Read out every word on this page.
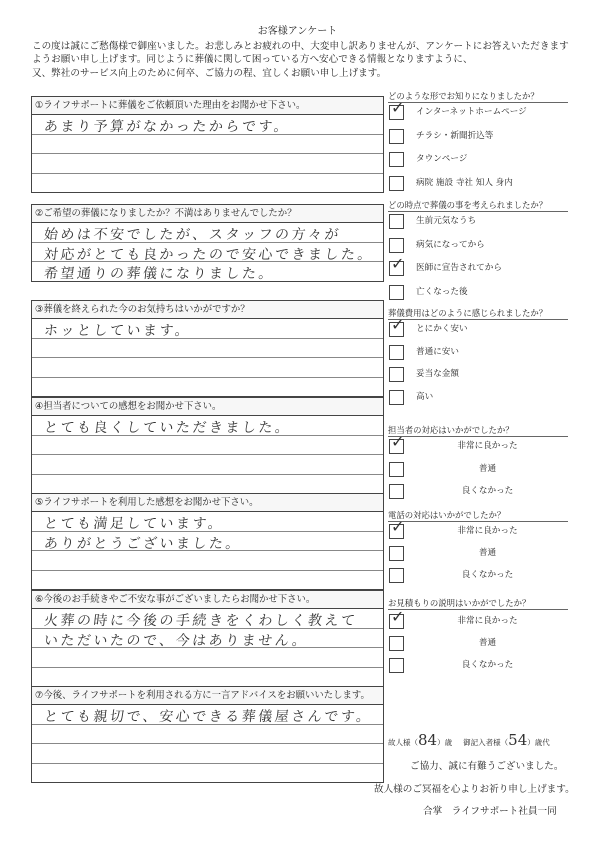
お客様アンケート
この度は誠にご愁傷様で御座いました。お悲しみとお疲れの中、大変申し訳ありませんが、アンケートにお答えいただきますようお願い申し上げます。同じように葬儀に関して困っている方へ安心できる情報となりますように、
又、弊社のサービス向上のために何卒、ご協力の程、宜しくお願い申し上げます。
①ライフサポートに葬儀をご依頼頂いた理由をお聞かせ下さい。
あまり予算がなかったからです。
②ご希望の葬儀になりましたか？不満はありませんでしたか？
始めは不安でしたが、スタッフの方々が
対応がとても良かったので安心できました。
希望通りの葬儀になりました。
③葬儀を終えられた今のお気持ちはいかがですか？
ホッとしています。
④担当者についての感想をお聞かせ下さい。
とても良くしていただきました。
⑤ライフサポートを利用した感想をお聞かせ下さい。
とても満足しています。
ありがとうございました。
⑥今後のお手続きやご不安な事がございましたらお聞かせ下さい。
火葬の時に今後の手続きをくわしく教えて
いただいたので、今はありません。
⑦今後、ライフサポートを利用される方に一言アドバイスをお願いいたします。
とても親切で、安心できる葬儀屋さんです。
どのような形でお知りになりましたか？
✓ インターネットホームページ
チラシ・新聞折込等
タウンページ
病院 施設 寺社 知人 身内
どの時点で葬儀の事を考えられましたか？
生前元気なうち
病気になってから
✓ 医師に宣告されてから
亡くなった後
葬儀費用はどのように感じられましたか？
✓ とにかく安い
普通に安い
妥当な金額
高い
担当者の対応はいかがでしたか？
✓	非常に良かった
普通
良くなかった
電話の対応はいかがでしたか？
✓	非常に良かった
普通
良くなかった
お見積もりの説明はいかがでしたか？
✓	非常に良かった
普通
良くなかった
故人様（84）歳 御記入者様（54）歳代
ご協力、誠に有難うございました。
故人様のご冥福を心よりお祈り申し上げます。
合掌　ライフサポート社員一同
